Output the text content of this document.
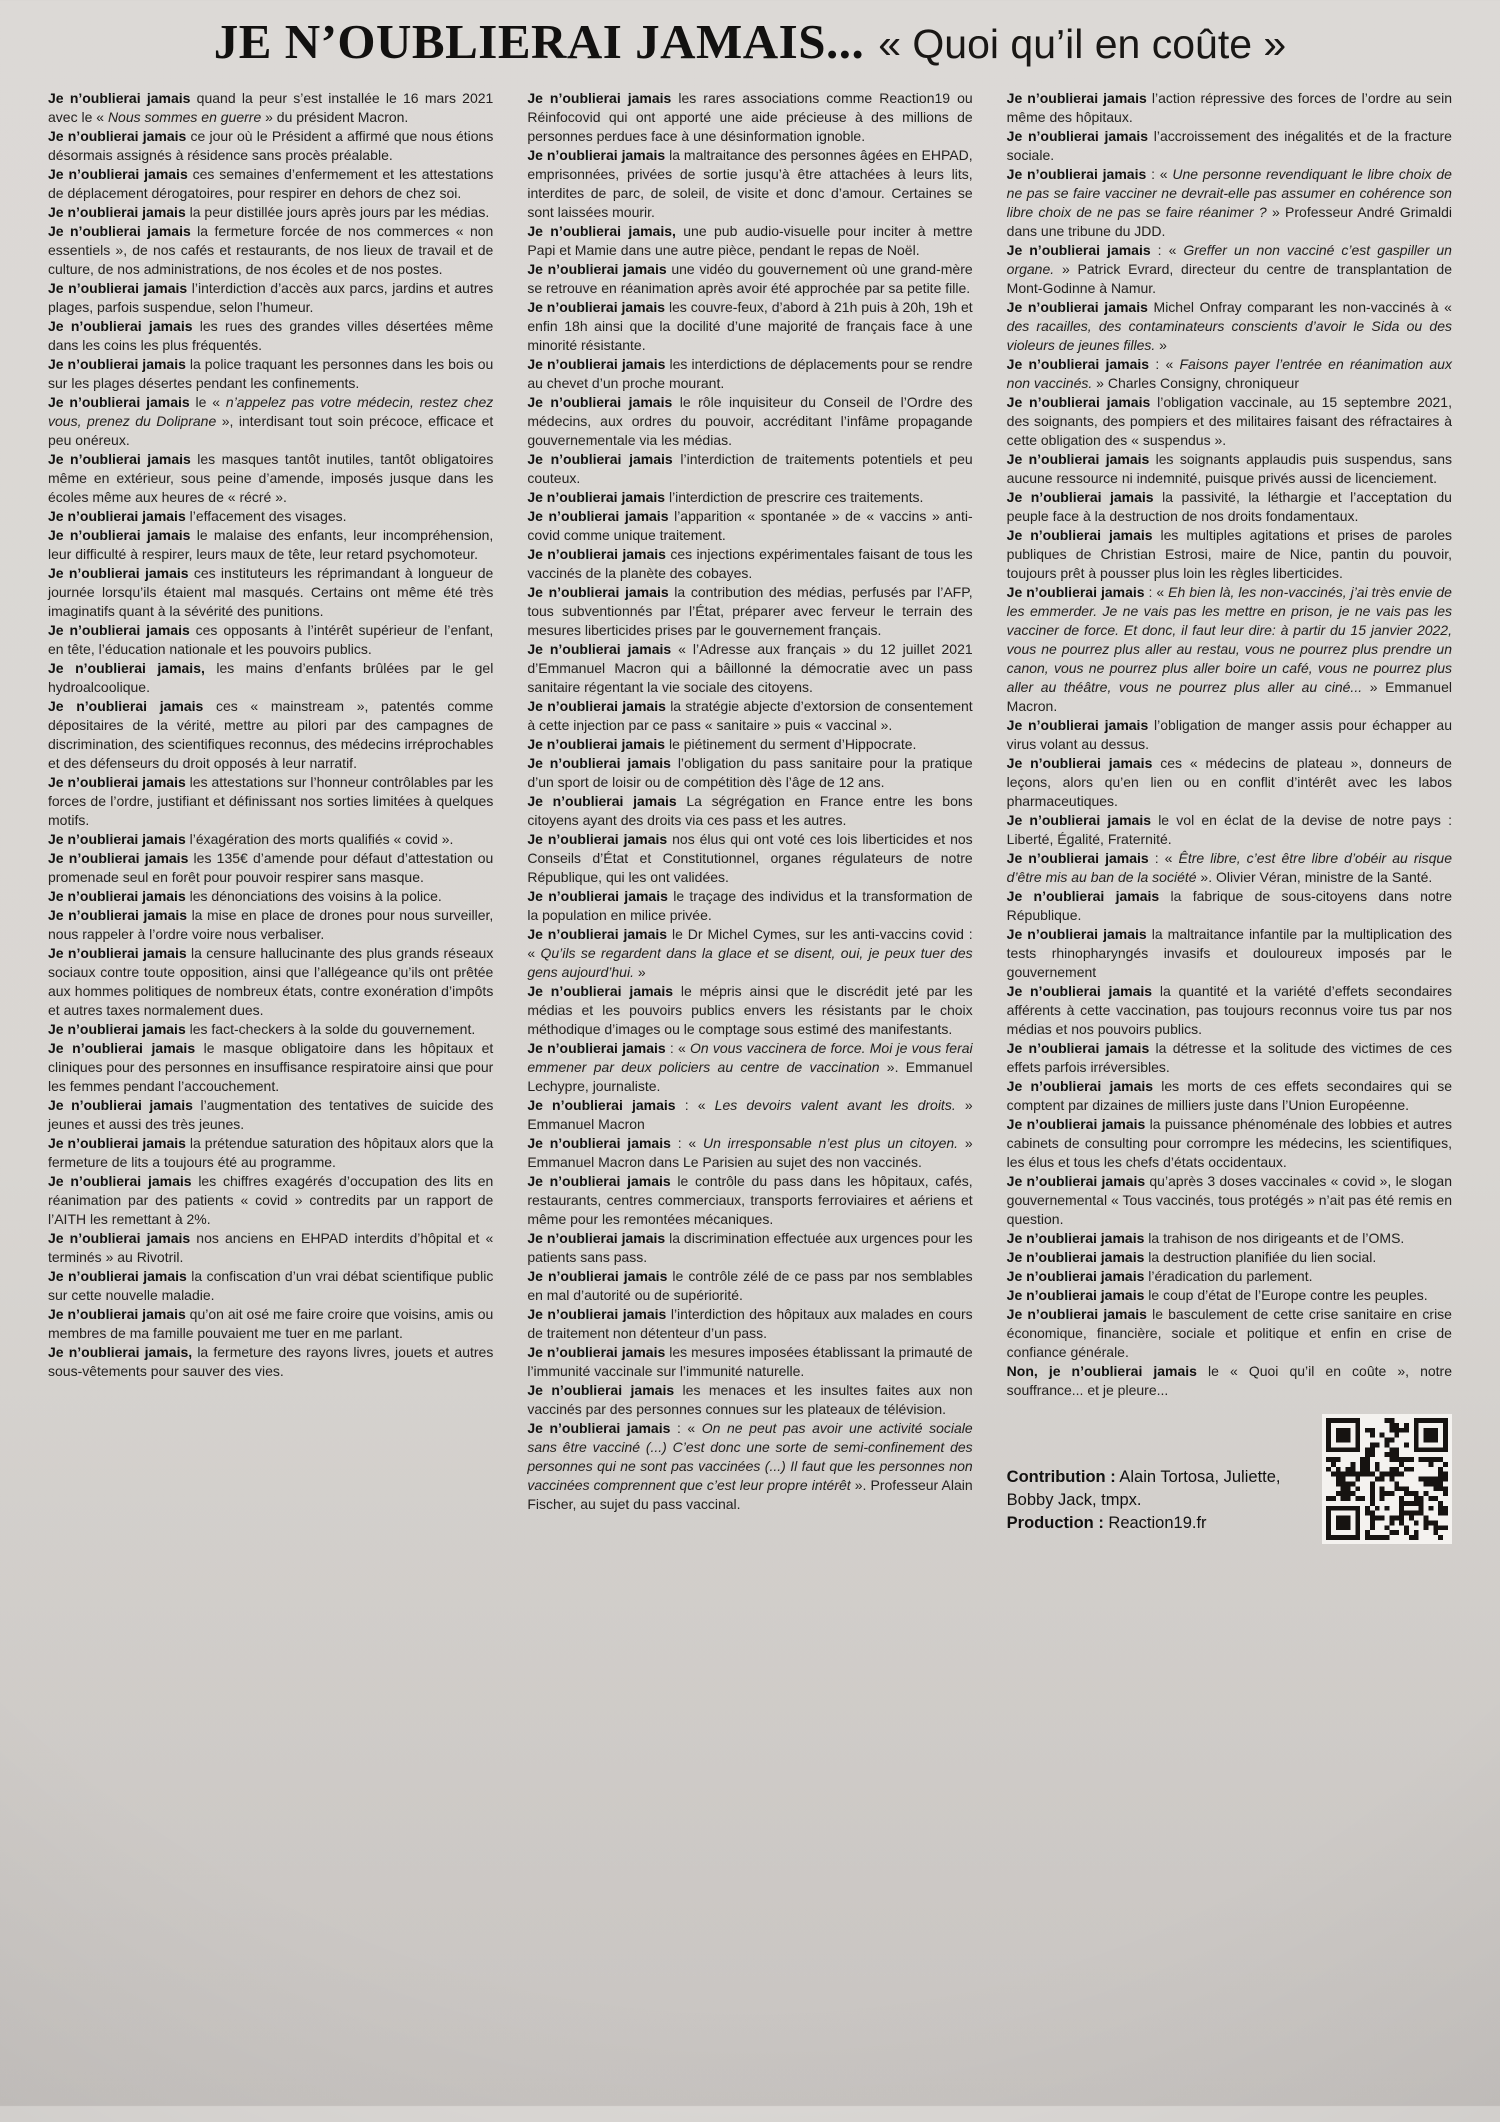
JE N’OUBLIERAI JAMAIS... « Quoi qu’il en coûte »

Je n’oublierai jamais quand la peur s’est installée le 16 mars 2021 avec le « Nous sommes en guerre » du président Macron.

Je n’oublierai jamais ce jour où le Président a affirmé que nous étions désormais assignés à résidence sans procès préalable.

Je n’oublierai jamais ces semaines d’enfermement et les attestations de déplacement dérogatoires, pour respirer en dehors de chez soi.

Je n’oublierai jamais la peur distillée jours après jours par les médias.

Je n’oublierai jamais la fermeture forcée de nos commerces « non essentiels », de nos cafés et restaurants, de nos lieux de travail et de culture, de nos administrations, de nos écoles et de nos postes.

Je n’oublierai jamais l’interdiction d’accès aux parcs, jardins et autres plages, parfois suspendue, selon l’humeur.

Je n’oublierai jamais les rues des grandes villes désertées même dans les coins les plus fréquentés.

Je n’oublierai jamais la police traquant les personnes dans les bois ou sur les plages désertes pendant les confinements.

Je n’oublierai jamais le « n’appelez pas votre médecin, restez chez vous, prenez du Doliprane », interdisant tout soin précoce, efficace et peu onéreux.

Je n’oublierai jamais les masques tantôt inutiles, tantôt obligatoires même en extérieur, sous peine d’amende, imposés jusque dans les écoles même aux heures de « récré ».

Je n’oublierai jamais l’effacement des visages.

Je n’oublierai jamais le malaise des enfants, leur incompréhension, leur difficulté à respirer, leurs maux de tête, leur retard psychomoteur.

Je n’oublierai jamais ces instituteurs les réprimandant à longueur de journée lorsqu’ils étaient mal masqués. Certains ont même été très imaginatifs quant à la sévérité des punitions.

Je n’oublierai jamais ces opposants à l’intérêt supérieur de l’enfant, en tête, l’éducation nationale et les pouvoirs publics.

Je n’oublierai jamais, les mains d’enfants brûlées par le gel hydroalcoolique.

Je n’oublierai jamais ces « mainstream », patentés comme dépositaires de la vérité, mettre au pilori par des campagnes de discrimination, des scientifiques reconnus, des médecins irréprochables et des défenseurs du droit opposés à leur narratif.

Je n’oublierai jamais les attestations sur l’honneur contrôlables par les forces de l’ordre, justifiant et définissant nos sorties limitées à quelques motifs.

Je n’oublierai jamais l’éxagération des morts qualifiés « covid ».

Je n’oublierai jamais les 135€ d’amende pour défaut d’attestation ou promenade seul en forêt pour pouvoir respirer sans masque.

Je n’oublierai jamais les dénonciations des voisins à la police.

Je n’oublierai jamais la mise en place de drones pour nous surveiller, nous rappeler à l’ordre voire nous verbaliser.

Je n’oublierai jamais la censure hallucinante des plus grands réseaux sociaux contre toute opposition, ainsi que l’allégeance qu’ils ont prêtée aux hommes politiques de nombreux états, contre exonération d’impôts et autres taxes normalement dues.

Je n’oublierai jamais les fact-checkers à la solde du gouvernement.

Je n’oublierai jamais le masque obligatoire dans les hôpitaux et cliniques pour des personnes en insuffisance respiratoire ainsi que pour les femmes pendant l’accouchement.

Je n’oublierai jamais l’augmentation des tentatives de suicide des jeunes et aussi des très jeunes.

Je n’oublierai jamais la prétendue saturation des hôpitaux alors que la fermeture de lits a toujours été au programme.

Je n’oublierai jamais les chiffres exagérés d’occupation des lits en réanimation par des patients « covid » contredits par un rapport de l’AITH les remettant à 2%.

Je n’oublierai jamais nos anciens en EHPAD interdits d’hôpital et « terminés » au Rivotril.

Je n’oublierai jamais la confiscation d’un vrai débat scientifique public sur cette nouvelle maladie.

Je n’oublierai jamais qu’on ait osé me faire croire que voisins, amis ou membres de ma famille pouvaient me tuer en me parlant.

Je n’oublierai jamais, la fermeture des rayons livres, jouets et autres sous-vêtements pour sauver des vies.

Je n’oublierai jamais les rares associations comme Reaction19 ou Réinfocovid qui ont apporté une aide précieuse à des millions de personnes perdues face à une désinformation ignoble.

Je n’oublierai jamais la maltraitance des personnes âgées en EHPAD, emprisonnées, privées de sortie jusqu’à être attachées à leurs lits, interdites de parc, de soleil, de visite et donc d’amour. Certaines se sont laissées mourir.

Je n’oublierai jamais, une pub audio-visuelle pour inciter à mettre Papi et Mamie dans une autre pièce, pendant le repas de Noël.

Je n’oublierai jamais une vidéo du gouvernement où une grand-mère se retrouve en réanimation après avoir été approchée par sa petite fille.

Je n’oublierai jamais les couvre-feux, d’abord à 21h puis à 20h, 19h et enfin 18h ainsi que la docilité d’une majorité de français face à une minorité résistante.

Je n’oublierai jamais les interdictions de déplacements pour se rendre au chevet d’un proche mourant.

Je n’oublierai jamais le rôle inquisiteur du Conseil de l’Ordre des médecins, aux ordres du pouvoir, accréditant l’infâme propagande gouvernementale via les médias.

Je n’oublierai jamais l’interdiction de traitements potentiels et peu couteux.

Je n’oublierai jamais l’interdiction de prescrire ces traitements.

Je n’oublierai jamais l’apparition « spontanée » de « vaccins » anti-covid comme unique traitement.

Je n’oublierai jamais ces injections expérimentales faisant de tous les vaccinés de la planète des cobayes.

Je n’oublierai jamais la contribution des médias, perfusés par l’AFP, tous subventionnés par l’État, préparer avec ferveur le terrain des mesures liberticides prises par le gouvernement français.

Je n’oublierai jamais « l’Adresse aux français » du 12 juillet 2021 d’Emmanuel Macron qui a bâillonné la démocratie avec un pass sanitaire régentant la vie sociale des citoyens.

Je n’oublierai jamais la stratégie abjecte d’extorsion de consentement à cette injection par ce pass « sanitaire » puis « vaccinal ».

Je n’oublierai jamais le piétinement du serment d’Hippocrate.

Je n’oublierai jamais l’obligation du pass sanitaire pour la pratique d’un sport de loisir ou de compétition dès l’âge de 12 ans.

Je n’oublierai jamais La ségrégation en France entre les bons citoyens ayant des droits via ces pass et les autres.

Je n’oublierai jamais nos élus qui ont voté ces lois liberticides et nos Conseils d’État et Constitutionnel, organes régulateurs de notre République, qui les ont validées.

Je n’oublierai jamais le traçage des individus et la transformation de la population en milice privée.

Je n’oublierai jamais le Dr Michel Cymes, sur les anti-vaccins covid : « Qu’ils se regardent dans la glace et se disent, oui, je peux tuer des gens aujourd’hui. »

Je n’oublierai jamais le mépris ainsi que le discrédit jeté par les médias et les pouvoirs publics envers les résistants par le choix méthodique d’images ou le comptage sous estimé des manifestants.

Je n’oublierai jamais : « On vous vaccinera de force. Moi je vous ferai emmener par deux policiers au centre de vaccination ». Emmanuel Lechypre, journaliste.

Je n’oublierai jamais : « Les devoirs valent avant les droits. » Emmanuel Macron

Je n’oublierai jamais : « Un irresponsable n’est plus un citoyen. » Emmanuel Macron dans Le Parisien au sujet des non vaccinés.

Je n’oublierai jamais le contrôle du pass dans les hôpitaux, cafés, restaurants, centres commerciaux, transports ferroviaires et aériens et même pour les remontées mécaniques.

Je n’oublierai jamais la discrimination effectuée aux urgences pour les patients sans pass.

Je n’oublierai jamais le contrôle zélé de ce pass par nos semblables en mal d’autorité ou de supériorité.

Je n’oublierai jamais l’interdiction des hôpitaux aux malades en cours de traitement non détenteur d’un pass.

Je n’oublierai jamais les mesures imposées établissant la primauté de l’immunité vaccinale sur l’immunité naturelle.

Je n’oublierai jamais les menaces et les insultes faites aux non vaccinés par des personnes connues sur les plateaux de télévision.

Je n’oublierai jamais : « On ne peut pas avoir une activité sociale sans être vacciné (...) C’est donc une sorte de semi-confinement des personnes qui ne sont pas vaccinées (...) Il faut que les personnes non vaccinées comprennent que c’est leur propre intérêt ». Professeur Alain Fischer, au sujet du pass vaccinal.

Je n’oublierai jamais l’action répressive des forces de l’ordre au sein même des hôpitaux.

Je n’oublierai jamais l’accroissement des inégalités et de la fracture sociale.

Je n’oublierai jamais : « Une personne revendiquant le libre choix de ne pas se faire vacciner ne devrait-elle pas assumer en cohérence son libre choix de ne pas se faire réanimer ? » Professeur André Grimaldi dans une tribune du JDD.

Je n’oublierai jamais : « Greffer un non vacciné c’est gaspiller un organe. » Patrick Evrard, directeur du centre de transplantation de Mont-Godinne à Namur.

Je n’oublierai jamais Michel Onfray comparant les non-vaccinés à « des racailles, des contaminateurs conscients d’avoir le Sida ou des violeurs de jeunes filles. »

Je n’oublierai jamais : « Faisons payer l’entrée en réanimation aux non vaccinés. » Charles Consigny, chroniqueur

Je n’oublierai jamais l’obligation vaccinale, au 15 septembre 2021, des soignants, des pompiers et des militaires faisant des réfractaires à cette obligation des « suspendus ».

Je n’oublierai jamais les soignants applaudis puis suspendus, sans aucune ressource ni indemnité, puisque privés aussi de licenciement.

Je n’oublierai jamais la passivité, la léthargie et l’acceptation du peuple face à la destruction de nos droits fondamentaux.

Je n’oublierai jamais les multiples agitations et prises de paroles publiques de Christian Estrosi, maire de Nice, pantin du pouvoir, toujours prêt à pousser plus loin les règles liberticides.

Je n’oublierai jamais : « Eh bien là, les non-vaccinés, j’ai très envie de les emmerder. Je ne vais pas les mettre en prison, je ne vais pas les vacciner de force. Et donc, il faut leur dire: à partir du 15 janvier 2022, vous ne pourrez plus aller au restau, vous ne pourrez plus prendre un canon, vous ne pourrez plus aller boire un café, vous ne pourrez plus aller au théâtre, vous ne pourrez plus aller au ciné... » Emmanuel Macron.

Je n’oublierai jamais l’obligation de manger assis pour échapper au virus volant au dessus.

Je n’oublierai jamais ces « médecins de plateau », donneurs de leçons, alors qu’en lien ou en conflit d’intérêt avec les labos pharmaceutiques.

Je n’oublierai jamais le vol en éclat de la devise de notre pays : Liberté, Égalité, Fraternité.

Je n’oublierai jamais : « Être libre, c’est être libre d’obéir au risque d’être mis au ban de la société ». Olivier Véran, ministre de la Santé.

Je n’oublierai jamais la fabrique de sous-citoyens dans notre République.

Je n’oublierai jamais la maltraitance infantile par la multiplication des tests rhinopharyngés invasifs et douloureux imposés par le gouvernement

Je n’oublierai jamais la quantité et la variété d’effets secondaires afférents à cette vaccination, pas toujours reconnus voire tus par nos médias et nos pouvoirs publics.

Je n’oublierai jamais la détresse et la solitude des victimes de ces effets parfois irréversibles.

Je n’oublierai jamais les morts de ces effets secondaires qui se comptent par dizaines de milliers juste dans l’Union Européenne.

Je n’oublierai jamais la puissance phénoménale des lobbies et autres cabinets de consulting pour corrompre les médecins, les scientifiques, les élus et tous les chefs d’états occidentaux.

Je n’oublierai jamais qu’après 3 doses vaccinales « covid », le slogan gouvernemental « Tous vaccinés, tous protégés » n’ait pas été remis en question.

Je n’oublierai jamais la trahison de nos dirigeants et de l’OMS.

Je n’oublierai jamais la destruction planifiée du lien social.

Je n’oublierai jamais l’éradication du parlement.

Je n’oublierai jamais le coup d’état de l’Europe contre les peuples.

Je n’oublierai jamais le basculement de cette crise sanitaire en crise économique, financière, sociale et politique et enfin en crise de confiance générale.

Non, je n’oublierai jamais le « Quoi qu’il en coûte », notre souffrance... et je pleure...

Contribution : Alain Tortosa, Juliette, Bobby Jack, tmpx.
Production : Reaction19.fr
